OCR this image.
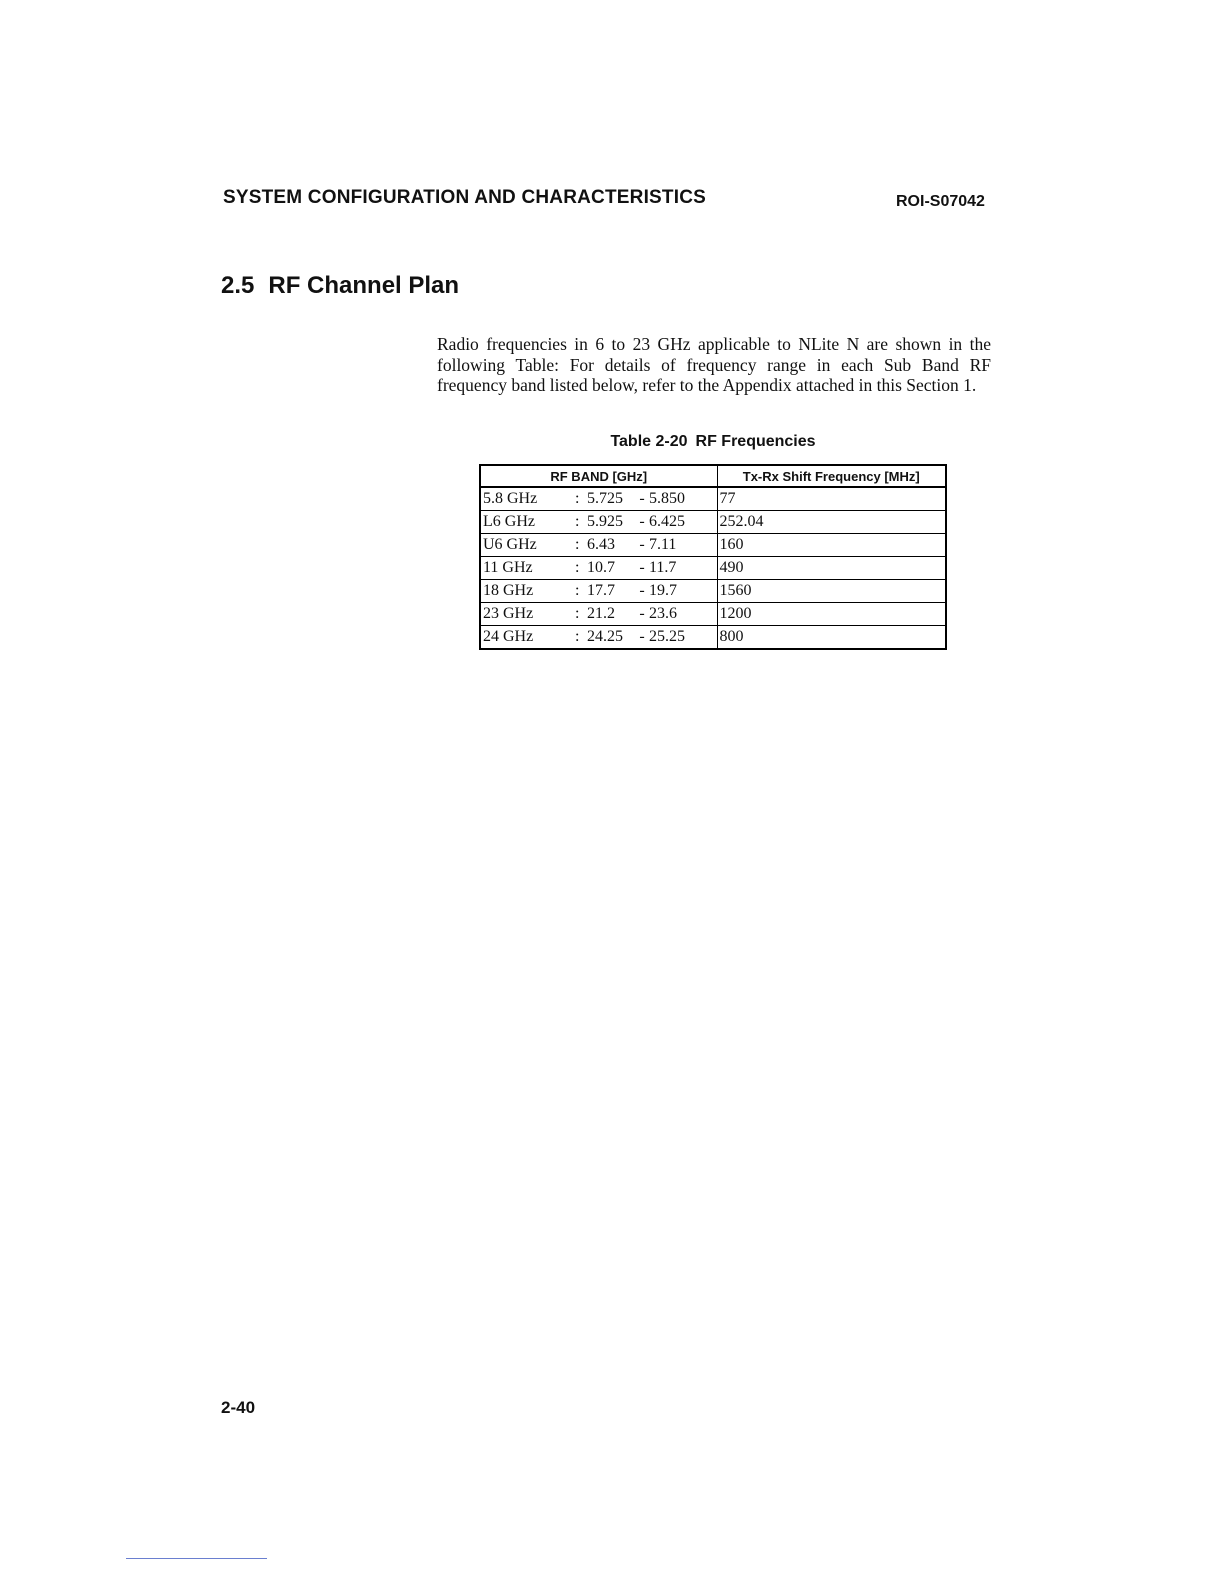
SYSTEM CONFIGURATION AND CHARACTERISTICS	ROI-S07042
2.5 RF Channel Plan
Radio frequencies in 6 to 23 GHz applicable to NLite N are shown in the following Table: For details of frequency range in each Sub Band RF frequency band listed below, refer to the Appendix attached in this Section 1.
Table 2-20 RF Frequencies
RF BAND [GHz]	Tx-Rx Shift Frequency [MHz]
5.8 GHz : 5.725 - 5.850	77
L6 GHz : 5.925 - 6.425	252.04
U6 GHz : 6.43 - 7.11	160
11 GHz : 10.7 - 11.7	490
18 GHz : 17.7 - 19.7	1560
23 GHz : 21.2 - 23.6	1200
24 GHz : 24.25 - 25.25	800
2-40
